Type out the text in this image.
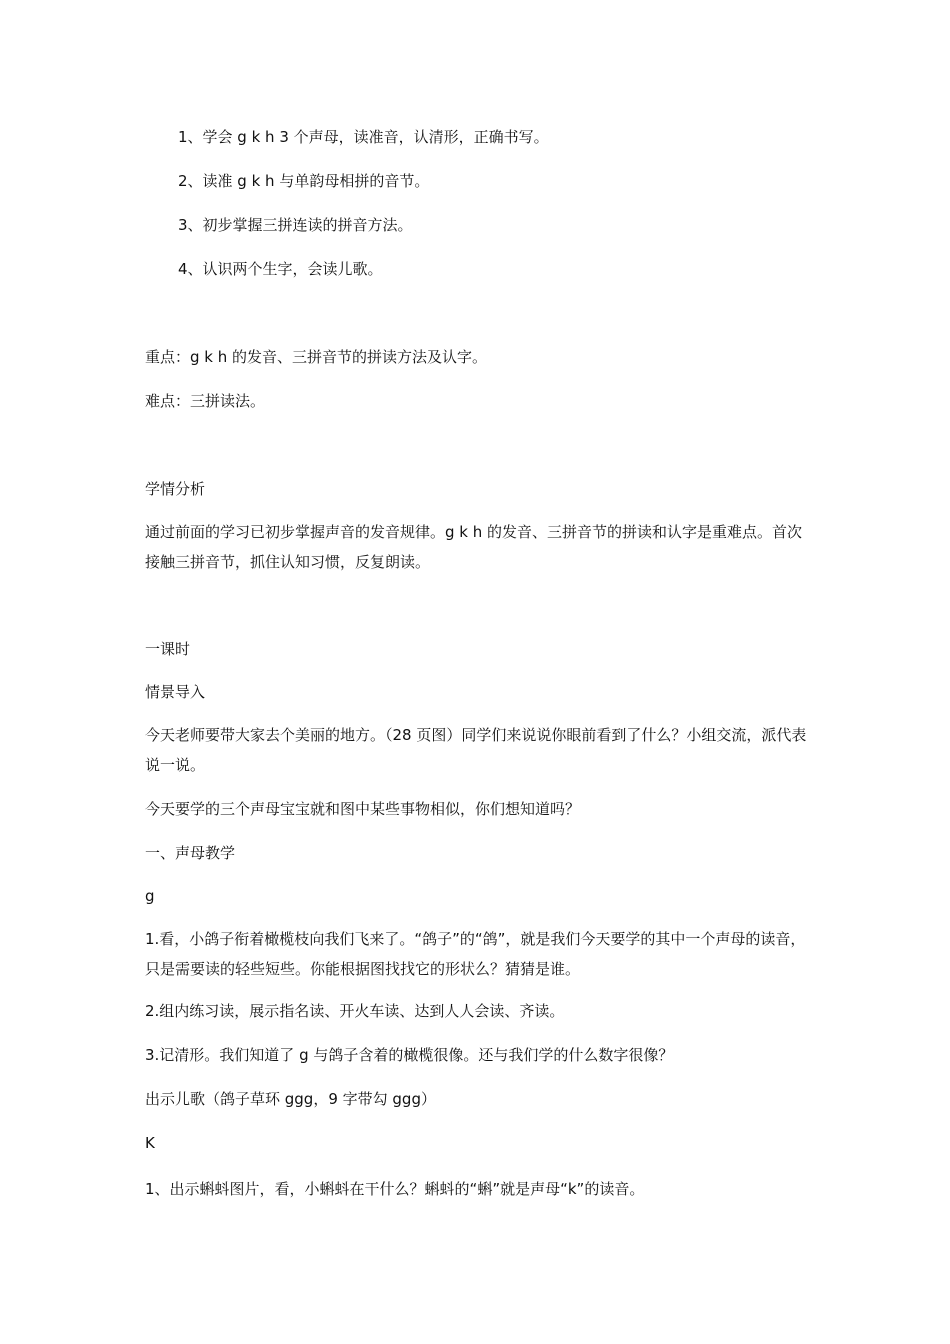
1、学会 g k h 3 个声母，读准音，认清形，正确书写。

2、读准 g k h 与单韵母相拼的音节。

3、初步掌握三拼连读的拼音方法。

4、认识两个生字，会读儿歌。

重点：g k h 的发音、三拼音节的拼读方法及认字。

难点：三拼读法。

学情分析

通过前面的学习已初步掌握声音的发音规律。g k h 的发音、三拼音节的拼读和认字是重难点。首次接触三拼音节，抓住认知习惯，反复朗读。

一课时

情景导入

今天老师要带大家去个美丽的地方。（28 页图）同学们来说说你眼前看到了什么？小组交流，派代表说一说。

今天要学的三个声母宝宝就和图中某些事物相似，你们想知道吗？

一、声母教学

g

1.看，小鸽子衔着橄榄枝向我们飞来了。“鸽子”的“鸽”，就是我们今天要学的其中一个声母的读音，只是需要读的轻些短些。你能根据图找找它的形状么？猜猜是谁。

2.组内练习读，展示指名读、开火车读、达到人人会读、齐读。

3.记清形。我们知道了 g 与鸽子含着的橄榄很像。还与我们学的什么数字很像？

出示儿歌（鸽子草环 ggg，9 字带勾 ggg）

K

1、出示蝌蚪图片，看，小蝌蚪在干什么？蝌蚪的“蝌”就是声母“k”的读音。
